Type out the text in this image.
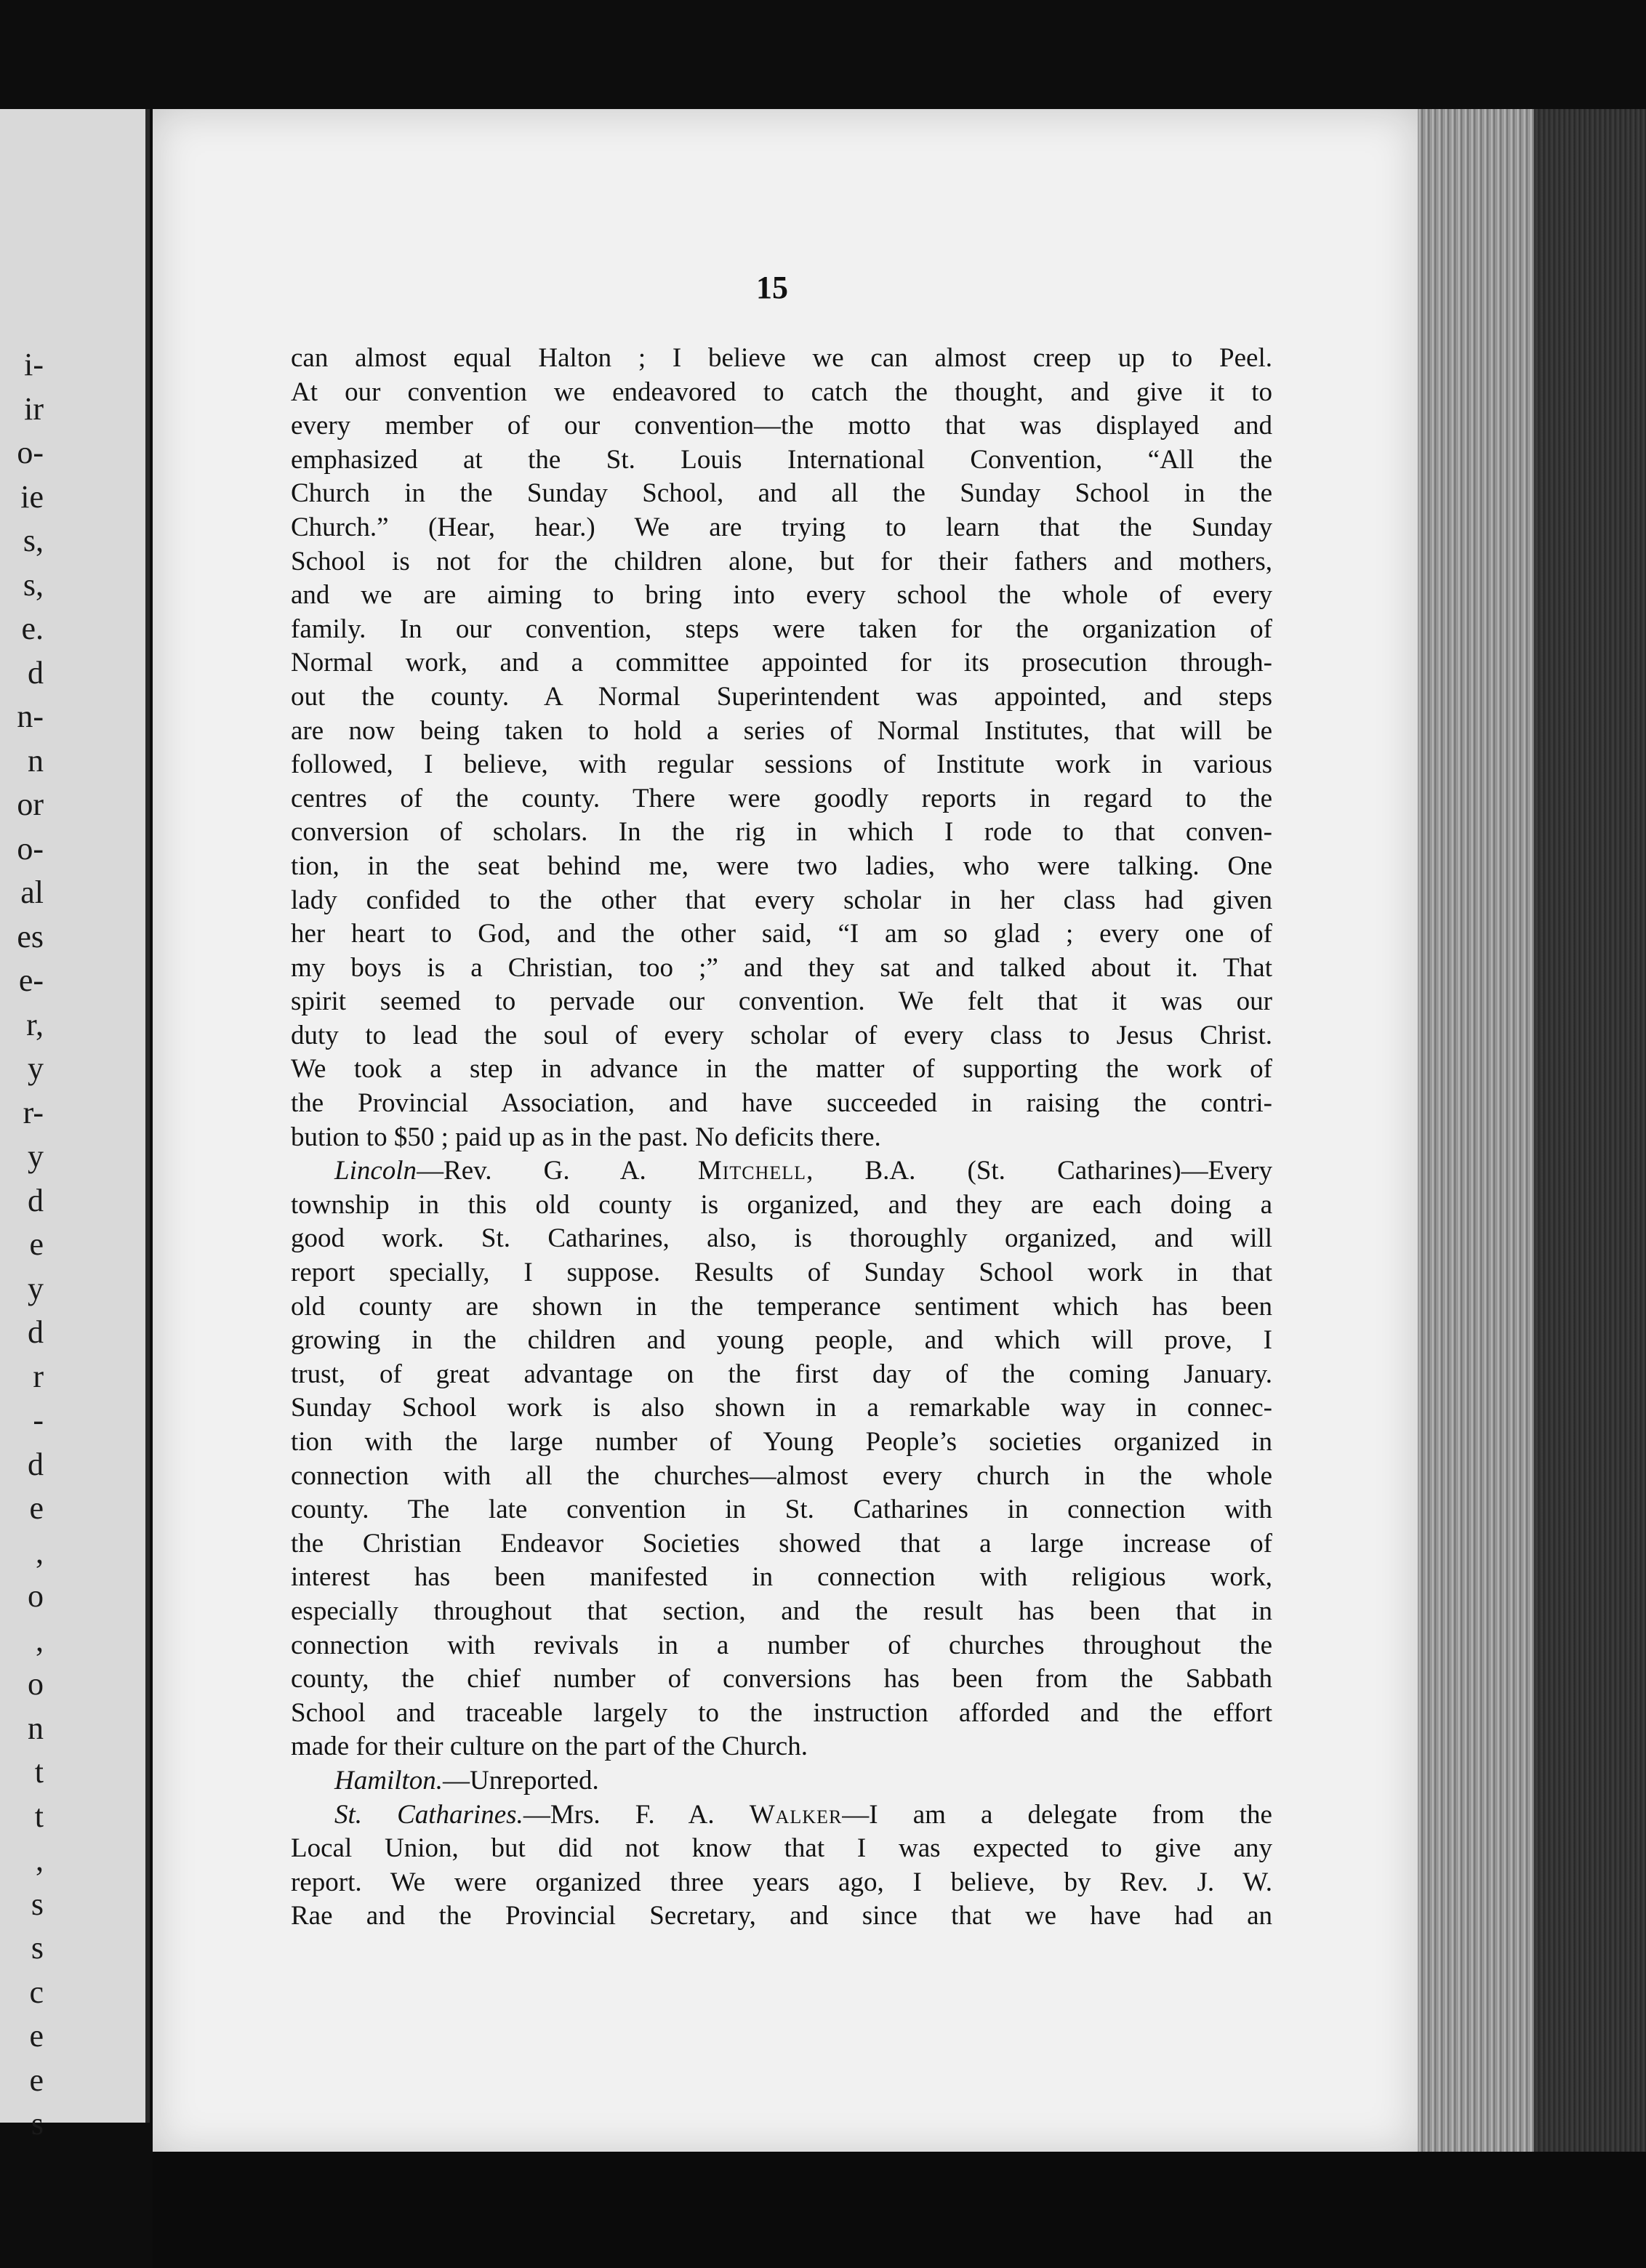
i-
ir
o-
ie
s,
s,
e.
d
n-
n
or
o-
al
es
e-
r,
y
r-
y
d
e
y
d
r
-
d
e
,
o
,
o
n
t
t
,
s
s
c
e
e
s
15
can almost equal Halton ; I believe we can almost creep up to Peel.
At our convention we endeavored to catch the thought, and give it to
every member of our convention—the motto that was displayed and
emphasized at the St. Louis International Convention, “All the
Church in the Sunday School, and all the Sunday School in the
Church.” (Hear, hear.) We are trying to learn that the Sunday
School is not for the children alone, but for their fathers and mothers,
and we are aiming to bring into every school the whole of every
family. In our convention, steps were taken for the organization of
Normal work, and a committee appointed for its prosecution through-
out the county. A Normal Superintendent was appointed, and steps
are now being taken to hold a series of Normal Institutes, that will be
followed, I believe, with regular sessions of Institute work in various
centres of the county. There were goodly reports in regard to the
conversion of scholars. In the rig in which I rode to that conven-
tion, in the seat behind me, were two ladies, who were talking. One
lady confided to the other that every scholar in her class had given
her heart to God, and the other said, “I am so glad ; every one of
my boys is a Christian, too ;” and they sat and talked about it. That
spirit seemed to pervade our convention. We felt that it was our
duty to lead the soul of every scholar of every class to Jesus Christ.
We took a step in advance in the matter of supporting the work of
the Provincial Association, and have succeeded in raising the contri-
bution to $50 ; paid up as in the past. No deficits there.
Lincoln—Rev. G. A. Mitchell, B.A. (St. Catharines)—Every
township in this old county is organized, and they are each doing a
good work. St. Catharines, also, is thoroughly organized, and will
report specially, I suppose. Results of Sunday School work in that
old county are shown in the temperance sentiment which has been
growing in the children and young people, and which will prove, I
trust, of great advantage on the first day of the coming January.
Sunday School work is also shown in a remarkable way in connec-
tion with the large number of Young People’s societies organized in
connection with all the churches—almost every church in the whole
county. The late convention in St. Catharines in connection with
the Christian Endeavor Societies showed that a large increase of
interest has been manifested in connection with religious work,
especially throughout that section, and the result has been that in
connection with revivals in a number of churches throughout the
county, the chief number of conversions has been from the Sabbath
School and traceable largely to the instruction afforded and the effort
made for their culture on the part of the Church.
Hamilton.—Unreported.
St. Catharines.—Mrs. F. A. Walker—I am a delegate from the
Local Union, but did not know that I was expected to give any
report. We were organized three years ago, I believe, by Rev. J. W.
Rae and the Provincial Secretary, and since that we have had an
